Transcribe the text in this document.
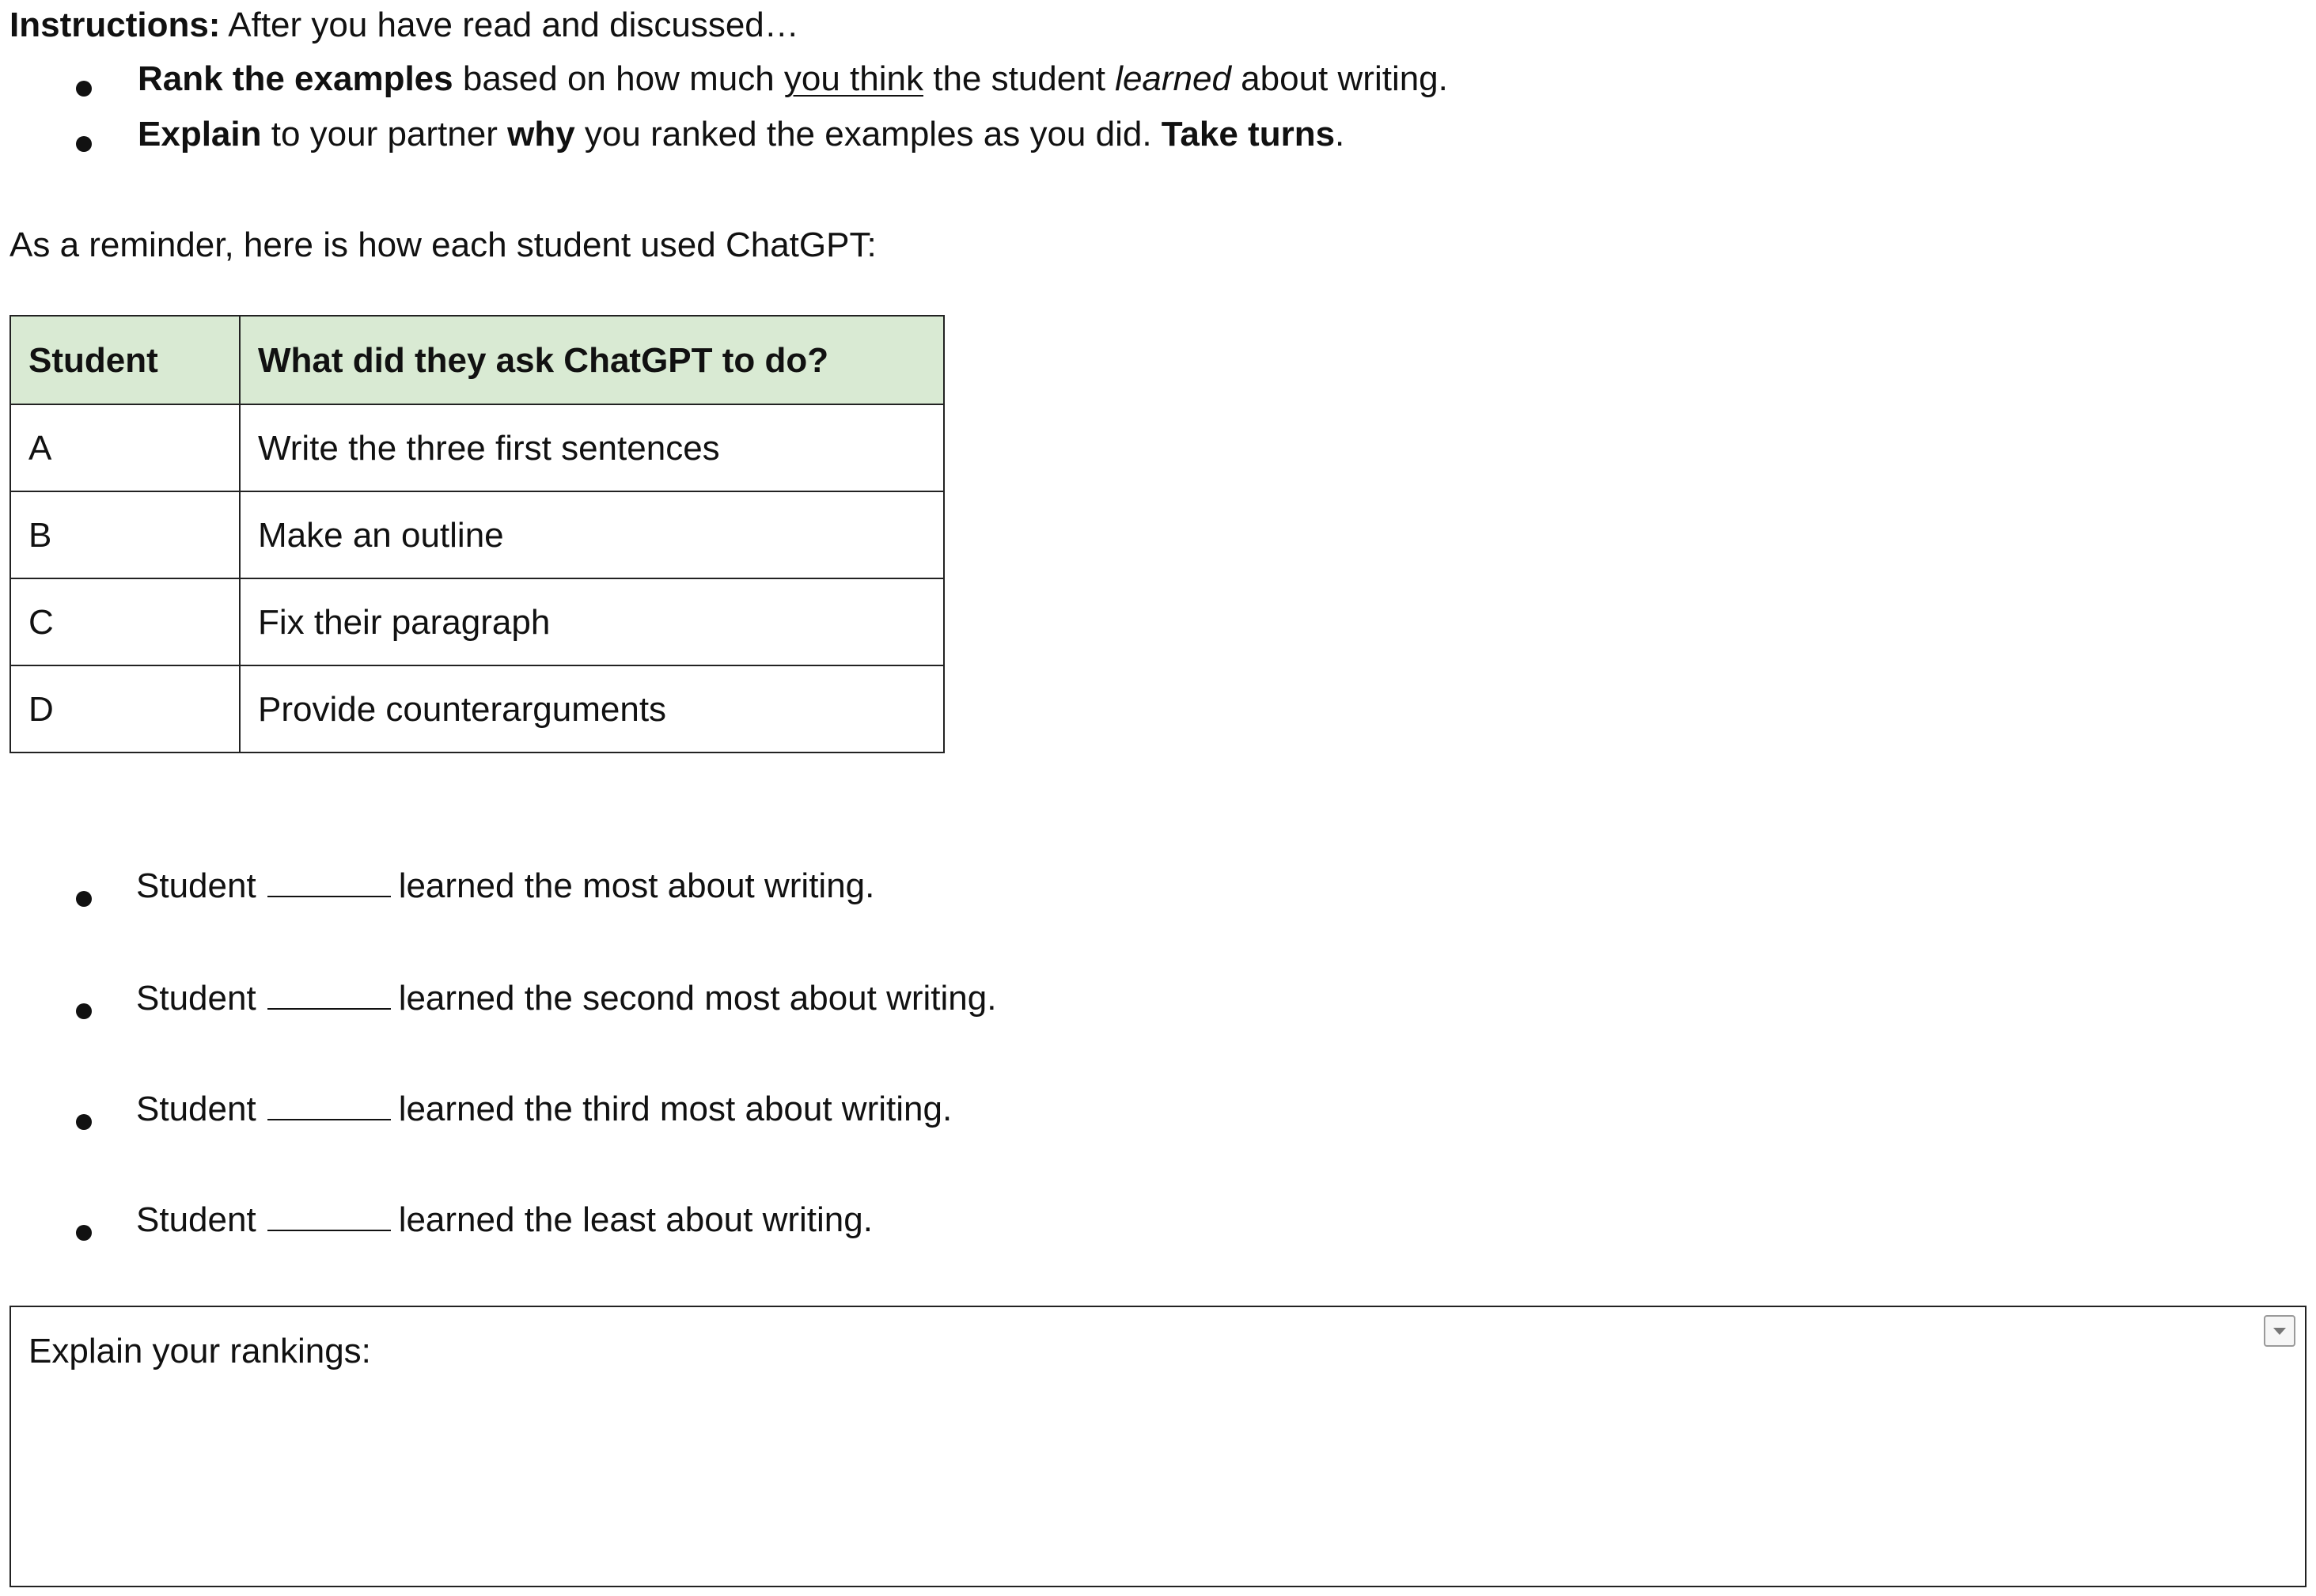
Instructions: After you have read and discussed…
Rank the examples based on how much you think the student learned about writing.
Explain to your partner why you ranked the examples as you did. Take turns.
As a reminder, here is how each student used ChatGPT:
Student	What did they ask ChatGPT to do?
A	Write the three first sentences
B	Make an outline
C	Fix their paragraph
D	Provide counterarguments
Student	learned the most about writing.
Student	learned the second most about writing.
Student	learned the third most about writing.
Student	learned the least about writing.
Explain your rankings:
